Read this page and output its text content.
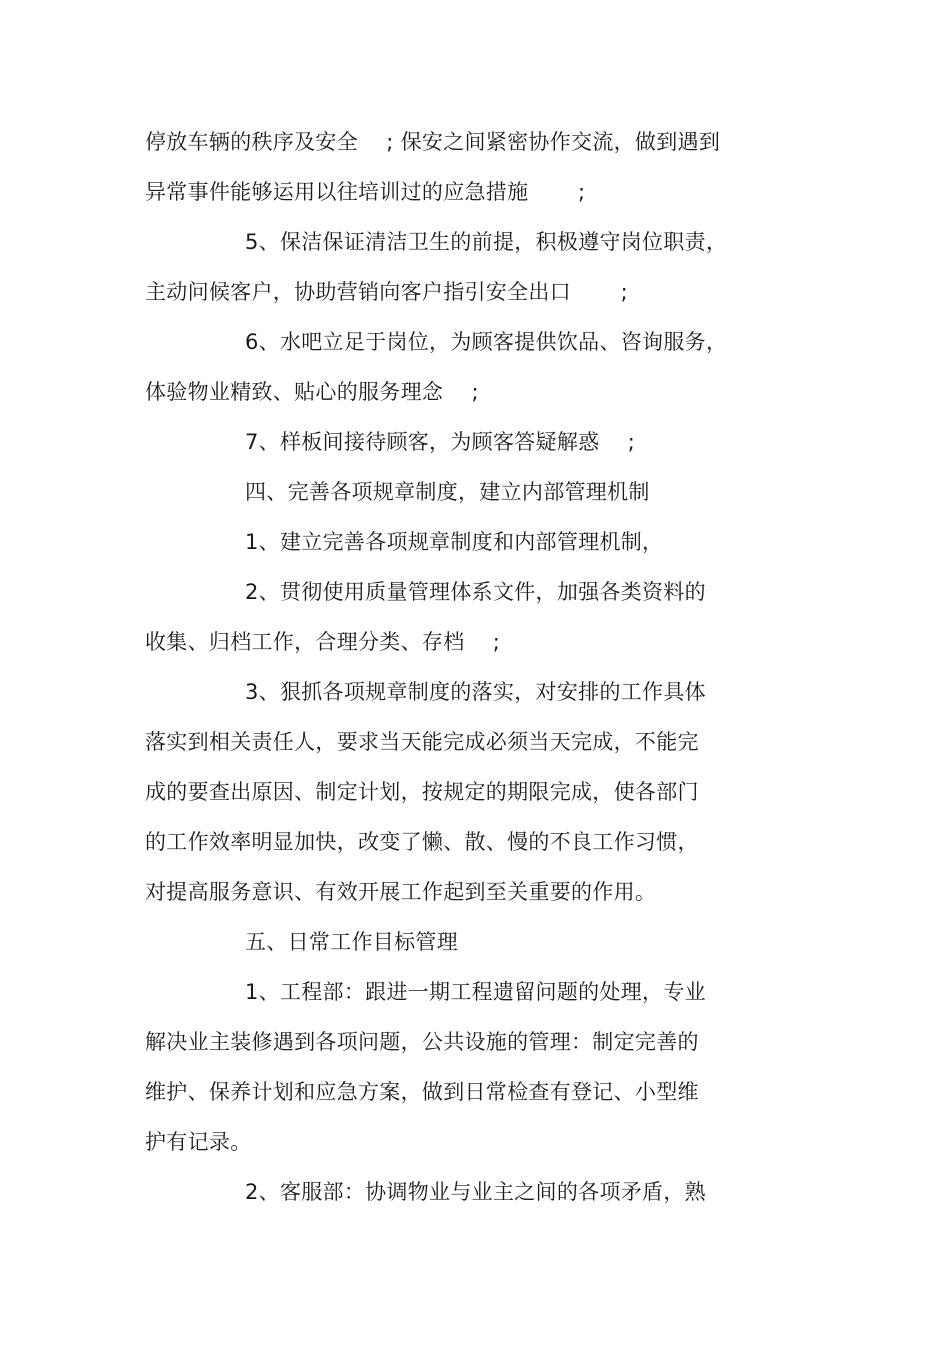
停放车辆的秩序及安全　 ; 保安之间紧密协作交流，做到遇到
异常事件能够运用以往培训过的应急措施　　 ;
5、保洁保证清洁卫生的前提，积极遵守岗位职责，
主动问候客户，协助营销向客户指引安全出口　　 ;
6、水吧立足于岗位，为顾客提供饮品、咨询服务，
体验物业精致、贴心的服务理念　 ;
7、样板间接待顾客，为顾客答疑解惑　 ;
四、完善各项规章制度，建立内部管理机制
1、建立完善各项规章制度和内部管理机制，
2、贯彻使用质量管理体系文件，加强各类资料的
收集、归档工作，合理分类、存档　 ;
3、狠抓各项规章制度的落实，对安排的工作具体
落实到相关责任人，要求当天能完成必须当天完成，不能完
成的要查出原因、制定计划，按规定的期限完成，使各部门
的工作效率明显加快，改变了懒、散、慢的不良工作习惯，
对提高服务意识、有效开展工作起到至关重要的作用。
五、日常工作目标管理
1、工程部：跟进一期工程遗留问题的处理，专业
解决业主装修遇到各项问题，公共设施的管理：制定完善的
维护、保养计划和应急方案，做到日常检查有登记、小型维
护有记录。
2、客服部：协调物业与业主之间的各项矛盾，熟
